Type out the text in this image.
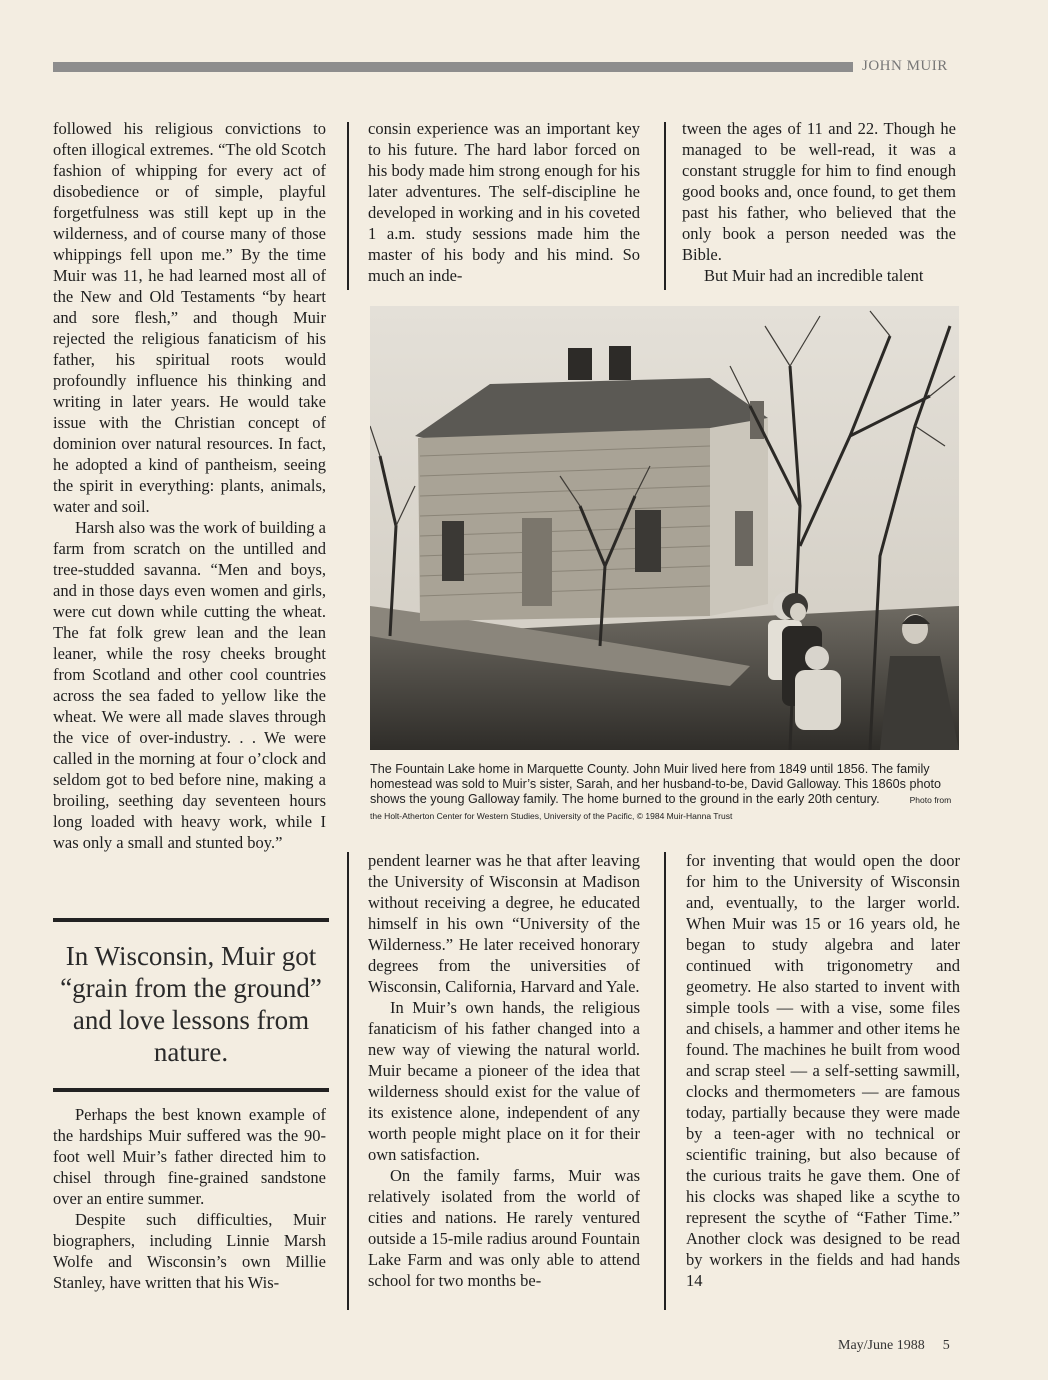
JOHN MUIR

followed his religious convictions to often illogical extremes. “The old Scotch fashion of whipping for every act of disobedience or of simple, playful forgetfulness was still kept up in the wilderness, and of course many of those whippings fell upon me.” By the time Muir was 11, he had learned most all of the New and Old Testaments “by heart and sore flesh,” and though Muir rejected the religious fanaticism of his father, his spiritual roots would profoundly influence his thinking and writing in later years. He would take issue with the Christian concept of dominion over natural resources. In fact, he adopted a kind of pantheism, seeing the spirit in everything: plants, animals, water and soil.

Harsh also was the work of building a farm from scratch on the untilled and tree-studded savanna. “Men and boys, and in those days even women and girls, were cut down while cutting the wheat. The fat folk grew lean and the lean leaner, while the rosy cheeks brought from Scotland and other cool countries across the sea faded to yellow like the wheat. We were all made slaves through the vice of over-industry. . . We were called in the morning at four o’clock and seldom got to bed before nine, making a broiling, seething day seventeen hours long loaded with heavy work, while I was only a small and stunted boy.”

In Wisconsin, Muir got “grain from the ground” and love lessons from nature.

Perhaps the best known example of the hardships Muir suffered was the 90-foot well Muir’s father directed him to chisel through fine-grained sandstone over an entire summer.

Despite such difficulties, Muir biographers, including Linnie Marsh Wolfe and Wisconsin’s own Millie Stanley, have written that his Wis-

consin experience was an important key to his future. The hard labor forced on his body made him strong enough for his later adventures. The self-discipline he developed in working and in his coveted 1 a.m. study sessions made him the master of his body and his mind. So much an inde-

tween the ages of 11 and 22. Though he managed to be well-read, it was a constant struggle for him to find enough good books and, once found, to get them past his father, who believed that the only book a person needed was the Bible.

But Muir had an incredible talent

The Fountain Lake home in Marquette County. John Muir lived here from 1849 until 1856. The family homestead was sold to Muir’s sister, Sarah, and her husband-to-be, David Galloway. This 1860s photo shows the young Galloway family. The home burned to the ground in the early 20th century.	Photo from the Holt-Atherton Center for Western Studies, University of the Pacific, © 1984 Muir-Hanna Trust

pendent learner was he that after leaving the University of Wisconsin at Madison without receiving a degree, he educated himself in his own “University of the Wilderness.” He later received honorary degrees from the universities of Wisconsin, California, Harvard and Yale.

In Muir’s own hands, the religious fanaticism of his father changed into a new way of viewing the natural world. Muir became a pioneer of the idea that wilderness should exist for the value of its existence alone, independent of any worth people might place on it for their own satisfaction.

On the family farms, Muir was relatively isolated from the world of cities and nations. He rarely ventured outside a 15-mile radius around Fountain Lake Farm and was only able to attend school for two months be-

for inventing that would open the door for him to the University of Wisconsin and, eventually, to the larger world. When Muir was 15 or 16 years old, he began to study algebra and later continued with trigonometry and geometry. He also started to invent with simple tools — with a vise, some files and chisels, a hammer and other items he found. The machines he built from wood and scrap steel — a self-setting sawmill, clocks and thermometers — are famous today, partially because they were made by a teen-ager with no technical or scientific training, but also because of the curious traits he gave them. One of his clocks was shaped like a scythe to represent the scythe of “Father Time.” Another clock was designed to be read by workers in the fields and had hands 14

May/June 1988 5
